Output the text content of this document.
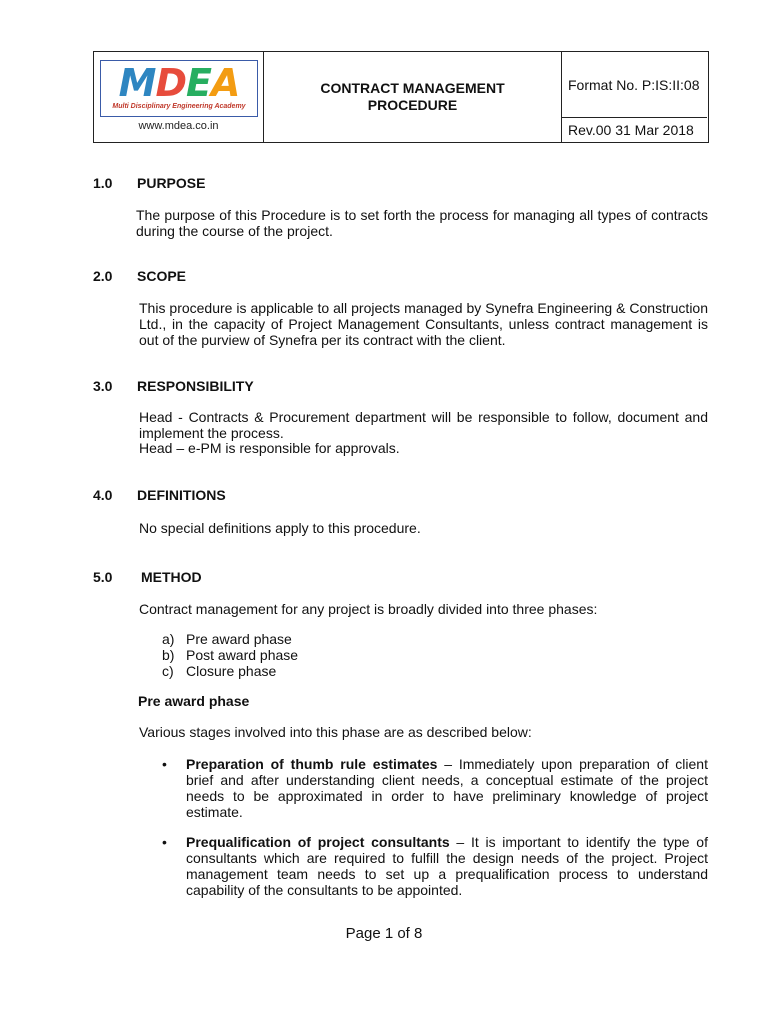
MDEA
Multi Disciplinary Engineering Academy
www.mdea.co.in
CONTRACT MANAGEMENT
PROCEDURE
Format No. P:IS:II:08
Rev.00 31 Mar 2018
1.0 PURPOSE
The purpose of this Procedure is to set forth the process for managing all types of contracts during the course of the project.
2.0 SCOPE
This procedure is applicable to all projects managed by Synefra Engineering & Construction Ltd., in the capacity of Project Management Consultants, unless contract management is out of the purview of Synefra per its contract with the client.
3.0 RESPONSIBILITY
Head - Contracts & Procurement department will be responsible to follow, document and implement the process.
Head – e-PM is responsible for approvals.
4.0 DEFINITIONS
No special definitions apply to this procedure.
5.0 METHOD
Contract management for any project is broadly divided into three phases:
a) Pre award phase
b) Post award phase
c) Closure phase
Pre award phase
Various stages involved into this phase are as described below:
• Preparation of thumb rule estimates – Immediately upon preparation of client brief and after understanding client needs, a conceptual estimate of the project needs to be approximated in order to have preliminary knowledge of project estimate.
• Prequalification of project consultants – It is important to identify the type of consultants which are required to fulfill the design needs of the project. Project management team needs to set up a prequalification process to understand capability of the consultants to be appointed.
Page 1 of 8
